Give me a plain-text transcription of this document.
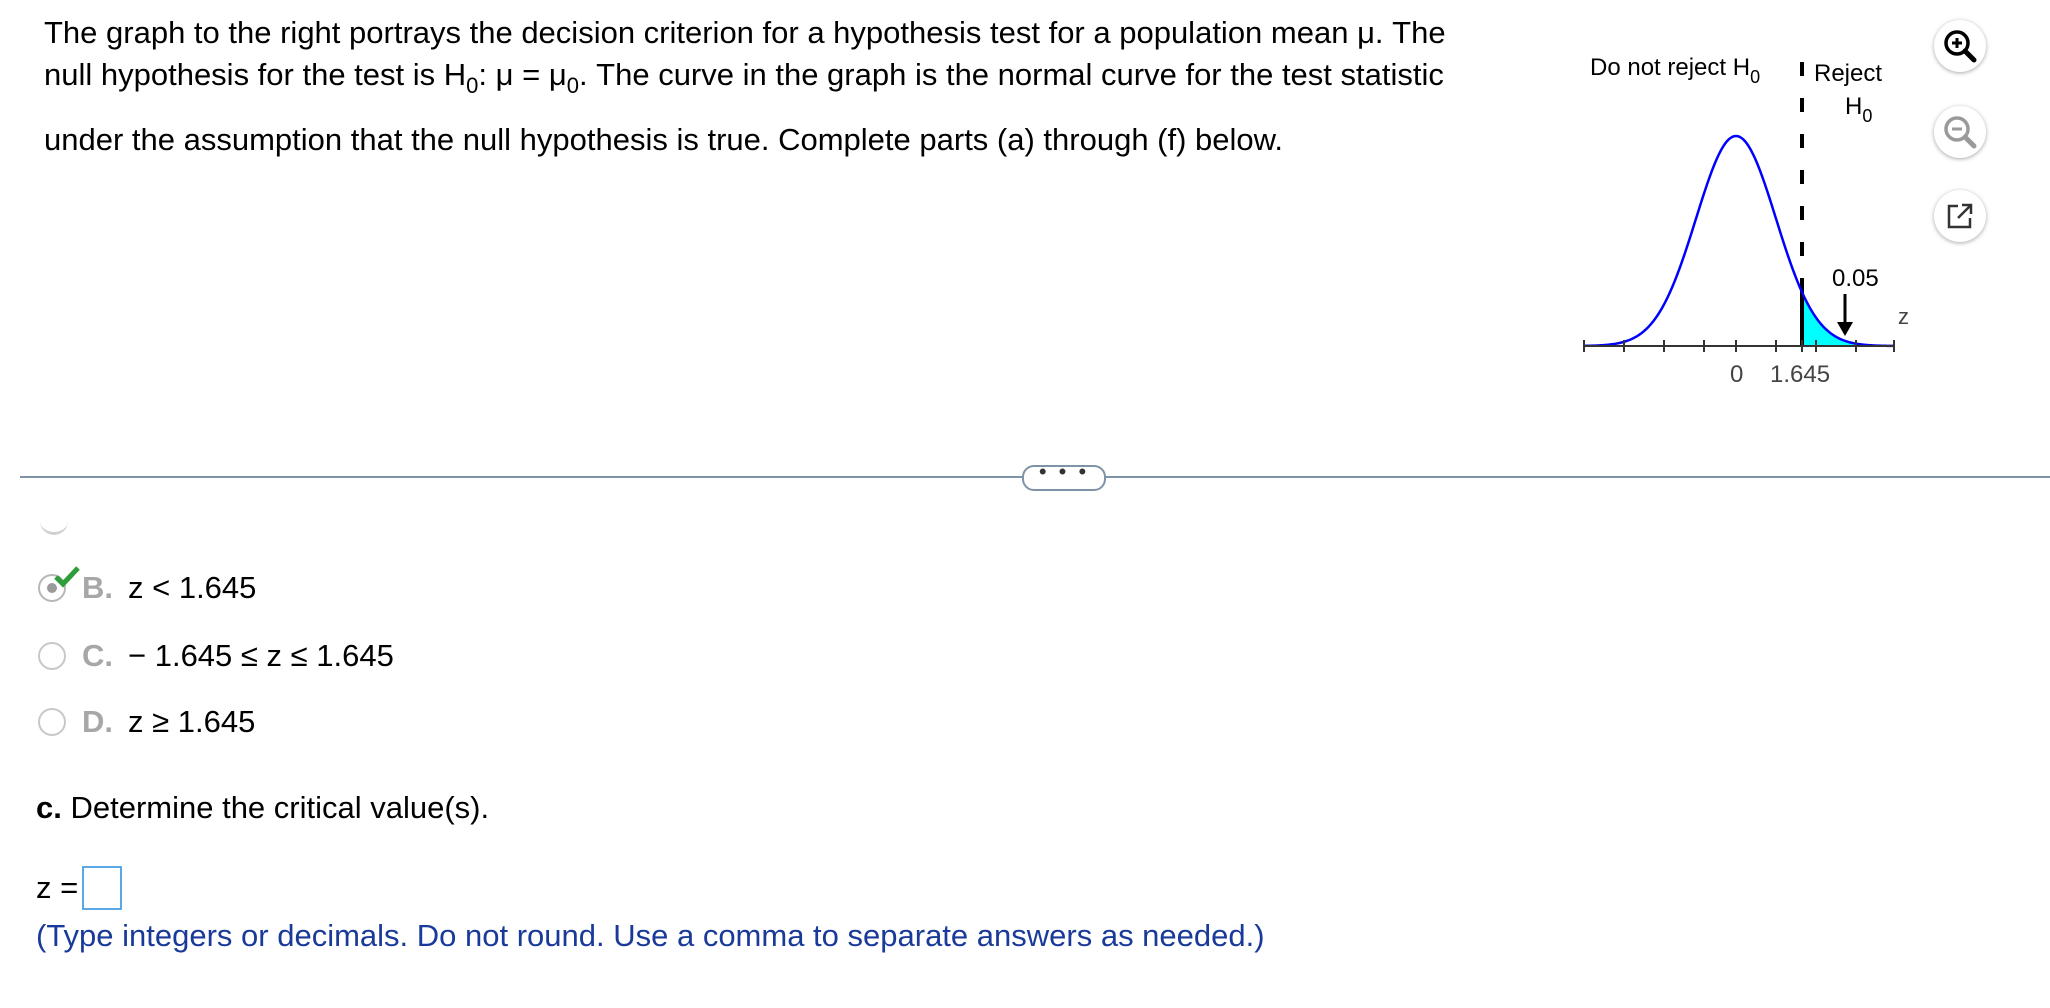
The graph to the right portrays the decision criterion for a hypothesis test for a population mean μ. The
null hypothesis for the test is $H_0$: $\mu = \mu_0$. The curve in the graph is the normal curve for the test statistic
under the assumption that the null hypothesis is true. Complete parts (a) through (f) below.
Do not reject $H_0$ Reject
$H_0$
0.05
z
0 1.645
• • •
B. z < 1.645
C. − 1.645 ≤ z ≤ 1.645
D. z ≥ 1.645
c. Determine the critical value(s).
z =
(Type integers or decimals. Do not round. Use a comma to separate answers as needed.)
